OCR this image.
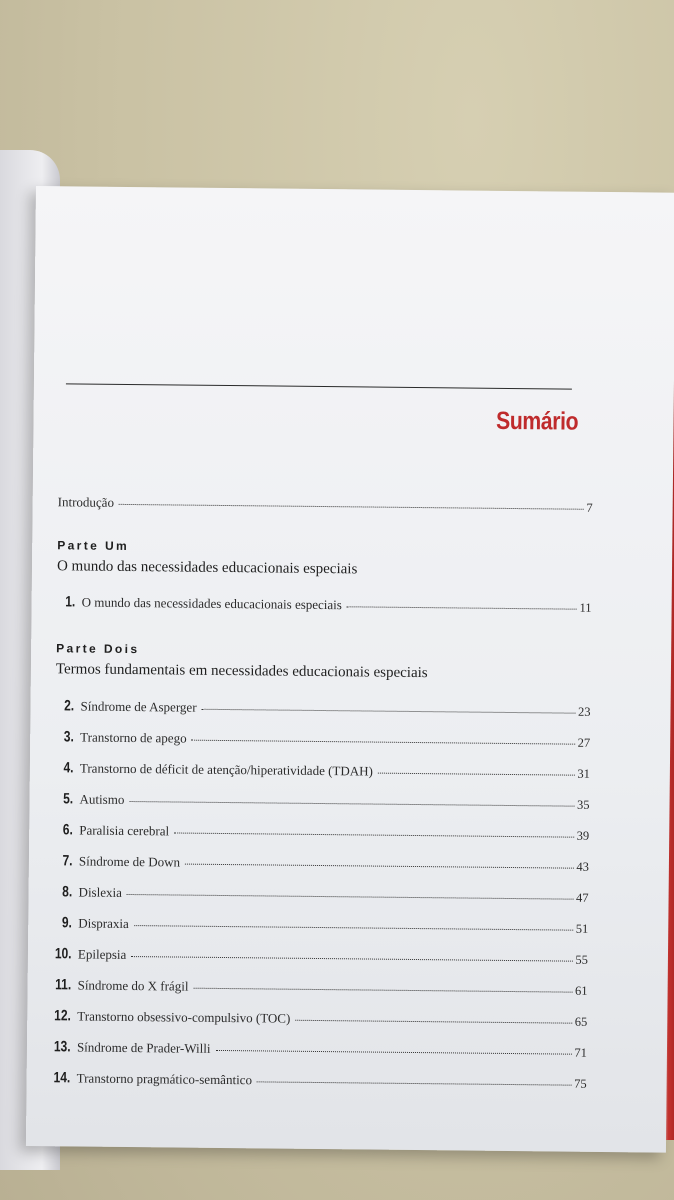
Sumário
Introdução	7
Parte Um
O mundo das necessidades educacionais especiais
1. O mundo das necessidades educacionais especiais	11
Parte Dois
Termos fundamentais em necessidades educacionais especiais
2. Síndrome de Asperger	23
3. Transtorno de apego	27
4. Transtorno de déficit de atenção/hiperatividade (TDAH)	31
5. Autismo	35
6. Paralisia cerebral	39
7. Síndrome de Down	43
8. Dislexia	47
9. Dispraxia	51
10. Epilepsia	55
11. Síndrome do X frágil	61
12. Transtorno obsessivo-compulsivo (TOC)	65
13. Síndrome de Prader-Willi	71
14. Transtorno pragmático-semântico	75
